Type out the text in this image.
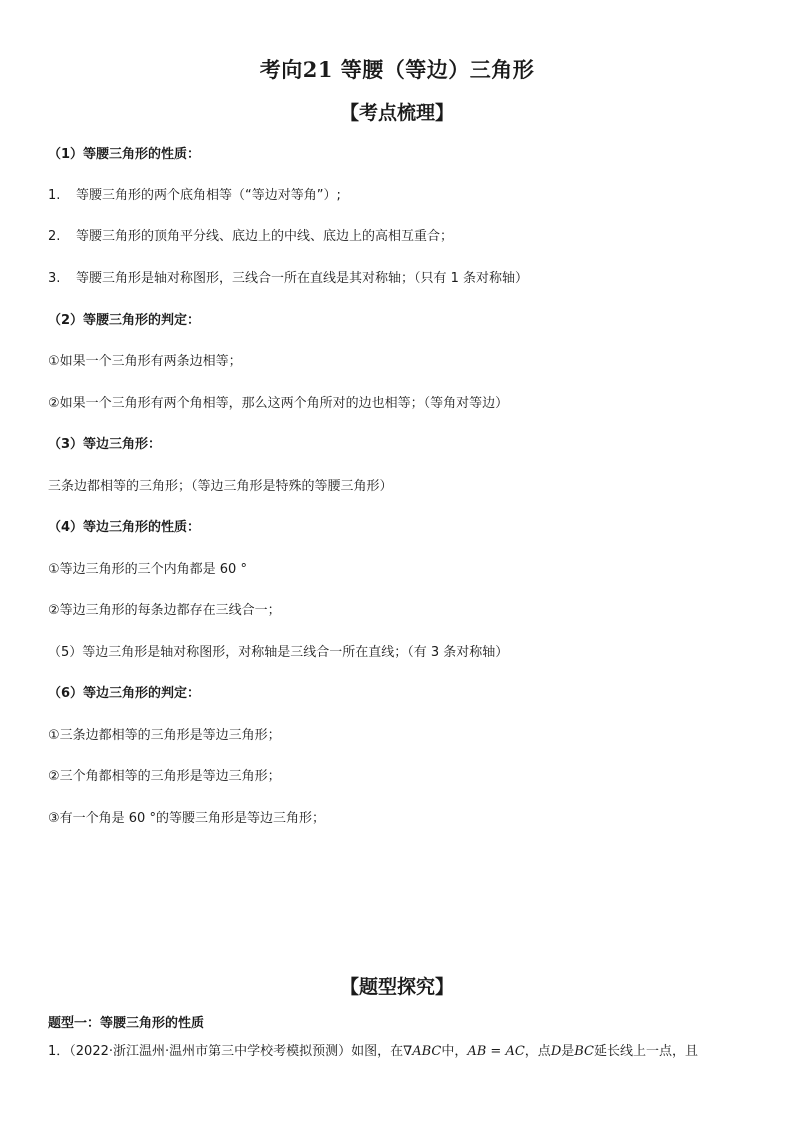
考向21 等腰（等边）三角形
【考点梳理】
（1）等腰三角形的性质：
1. 等腰三角形的两个底角相等（“等边对等角”）;
2. 等腰三角形的顶角平分线、底边上的中线、底边上的高相互重合；
3. 等腰三角形是轴对称图形，三线合一所在直线是其对称轴；（只有 1 条对称轴）
（2）等腰三角形的判定：
①如果一个三角形有两条边相等；
②如果一个三角形有两个角相等，那么这两个角所对的边也相等；（等角对等边）
（3）等边三角形：
三条边都相等的三角形；（等边三角形是特殊的等腰三角形）
（4）等边三角形的性质：
①等边三角形的三个内角都是 60 °
②等边三角形的每条边都存在三线合一；
（5）等边三角形是轴对称图形，对称轴是三线合一所在直线；（有 3 条对称轴）
（6）等边三角形的判定：
①三条边都相等的三角形是等边三角形；
②三个角都相等的三角形是等边三角形；
③有一个角是 60 °的等腰三角形是等边三角形；
【题型探究】
题型一：等腰三角形的性质
1．（2022·浙江温州·温州市第三中学校考模拟预测）如图，在∇ABC中，AB = AC，点D是BC延长线上一点，且
